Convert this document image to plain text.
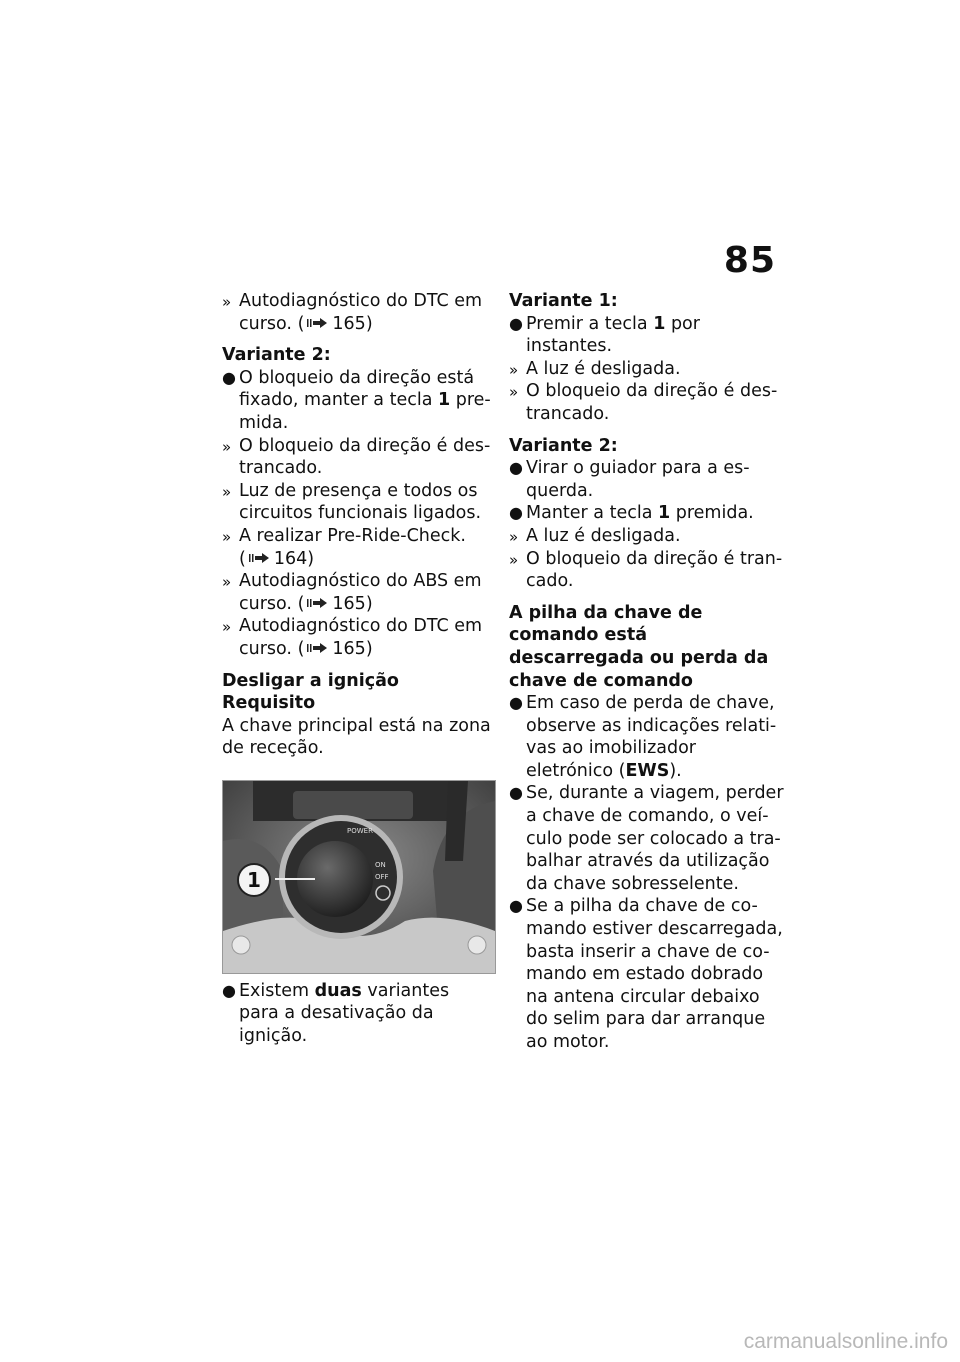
85

» Autodiagnóstico do DTC em curso. ( 165)

Variante 2:

● O bloqueio da direção está fixado, manter a tecla 1 pre-mida.

» O bloqueio da direção é des-trancado.

» Luz de presença e todos os circuitos funcionais ligados.

» A realizar Pre-Ride-Check. ( 164)

» Autodiagnóstico do ABS em curso. ( 165)

» Autodiagnóstico do DTC em curso. ( 165)

Desligar a ignição

Requisito

A chave principal está na zona de receção.

POWER
ON
OFF
1

● Existem duas variantes para a desativação da ignição.

Variante 1:

● Premir a tecla 1 por instantes.

» A luz é desligada.

» O bloqueio da direção é des-trancado.

Variante 2:

● Virar o guiador para a es-querda.

● Manter a tecla 1 premida.

» A luz é desligada.

» O bloqueio da direção é tran-cado.

A pilha da chave de comando está descarregada ou perda da chave de comando

● Em caso de perda de chave, observe as indicações relati-vas ao imobilizador eletrónico (EWS).

● Se, durante a viagem, perder a chave de comando, o veí-culo pode ser colocado a tra-balhar através da utilização da chave sobresselente.

● Se a pilha da chave de co-mando estiver descarregada, basta inserir a chave de co-mando em estado dobrado na antena circular debaixo do selim para dar arranque ao motor.

carmanualsonline.info
